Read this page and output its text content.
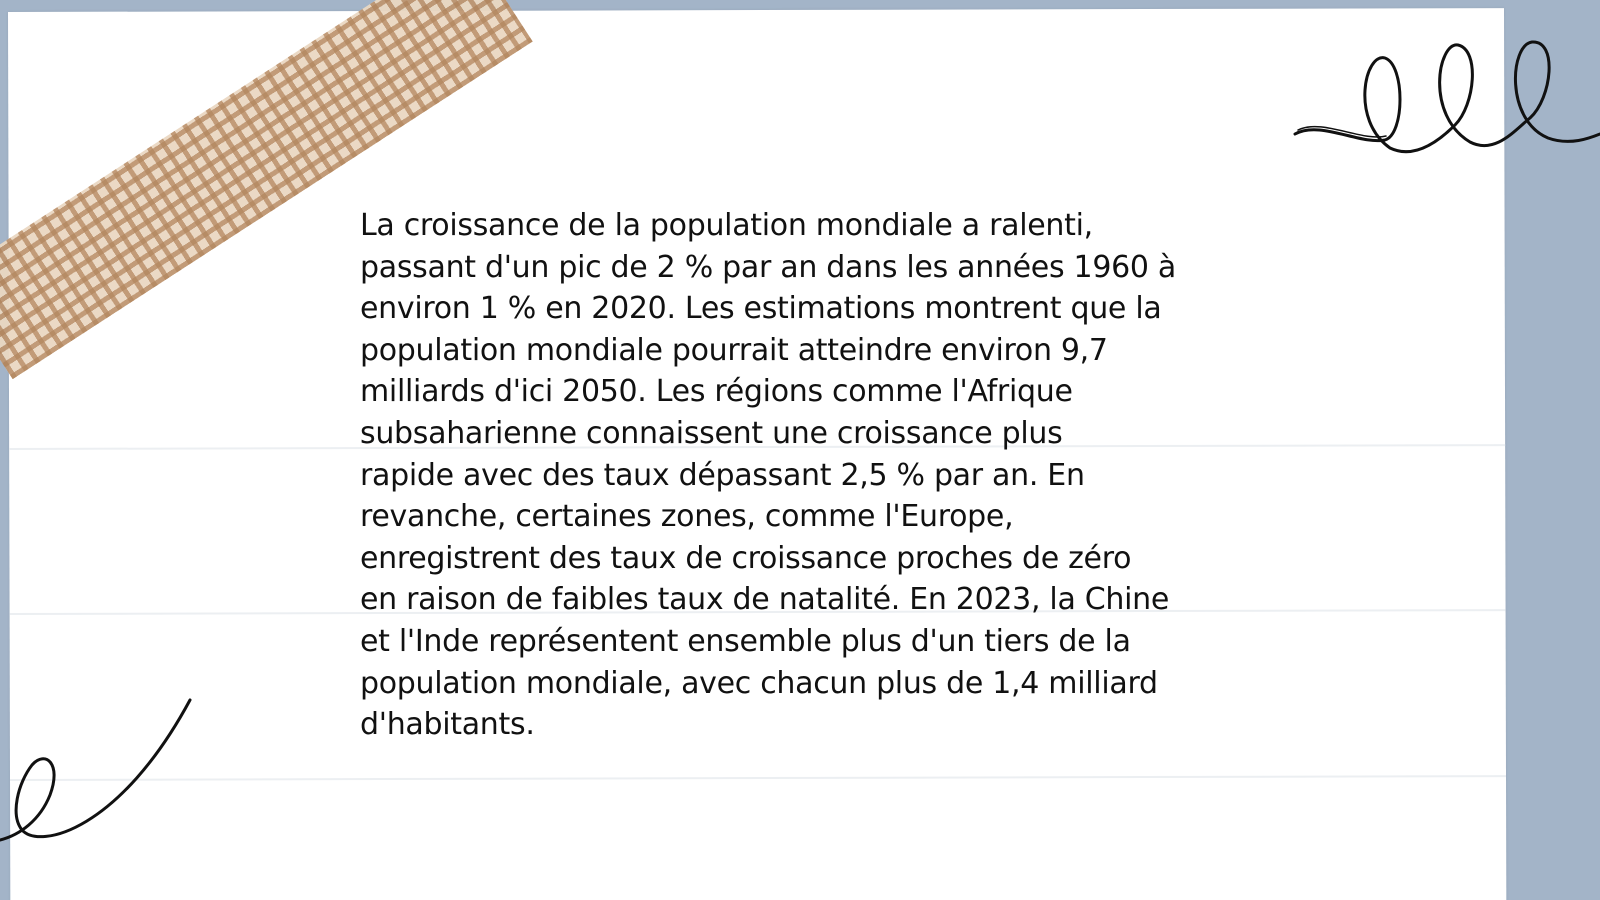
La croissance de la population mondiale a ralenti,
passant d'un pic de 2 % par an dans les années 1960 à
environ 1 % en 2020. Les estimations montrent que la
population mondiale pourrait atteindre environ 9,7
milliards d'ici 2050. Les régions comme l'Afrique
subsaharienne connaissent une croissance plus
rapide avec des taux dépassant 2,5 % par an. En
revanche, certaines zones, comme l'Europe,
enregistrent des taux de croissance proches de zéro
en raison de faibles taux de natalité. En 2023, la Chine
et l'Inde représentent ensemble plus d'un tiers de la
population mondiale, avec chacun plus de 1,4 milliard
d'habitants.
